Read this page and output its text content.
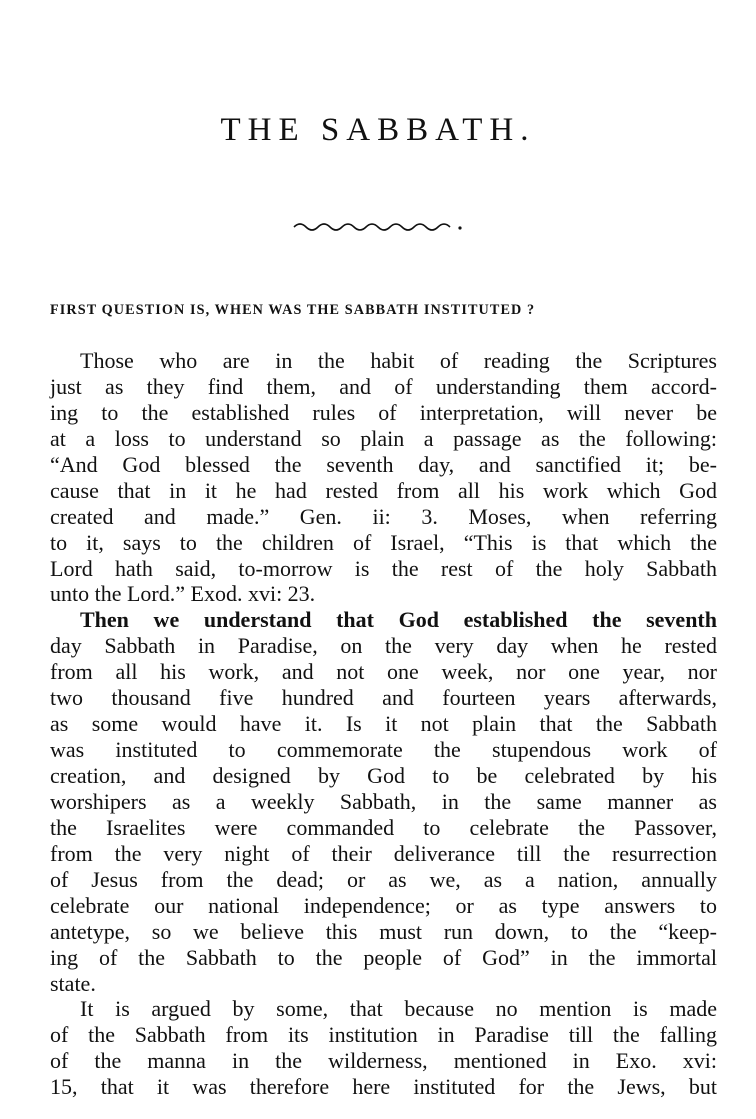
THE SABBATH.
FIRST QUESTION IS, WHEN WAS THE SABBATH INSTITUTED ?

Those who are in the habit of reading the Scriptures
just as they find them, and of understanding them accord-
ing to the established rules of interpretation, will never be
at a loss to understand so plain a passage as the following:
“And God blessed the seventh day, and sanctified it; be-
cause that in it he had rested from all his work which God
created and made.” Gen. ii: 3. Moses, when referring
to it, says to the children of Israel, “This is that which the
Lord hath said, to-morrow is the rest of the holy Sabbath
unto the Lord.” Exod. xvi: 23.

Then we understand that God established the seventh
day Sabbath in Paradise, on the very day when he rested
from all his work, and not one week, nor one year, nor
two thousand five hundred and fourteen years afterwards,
as some would have it. Is it not plain that the Sabbath
was instituted to commemorate the stupendous work of
creation, and designed by God to be celebrated by his
worshipers as a weekly Sabbath, in the same manner as
the Israelites were commanded to celebrate the Passover,
from the very night of their deliverance till the resurrection
of Jesus from the dead; or as we, as a nation, annually
celebrate our national independence; or as type answers to
antetype, so we believe this must run down, to the “keep-
ing of the Sabbath to the people of God” in the immortal
state.

It is argued by some, that because no mention is made
of the Sabbath from its institution in Paradise till the falling
of the manna in the wilderness, mentioned in Exo. xvi:
15, that it was therefore here instituted for the Jews, but
